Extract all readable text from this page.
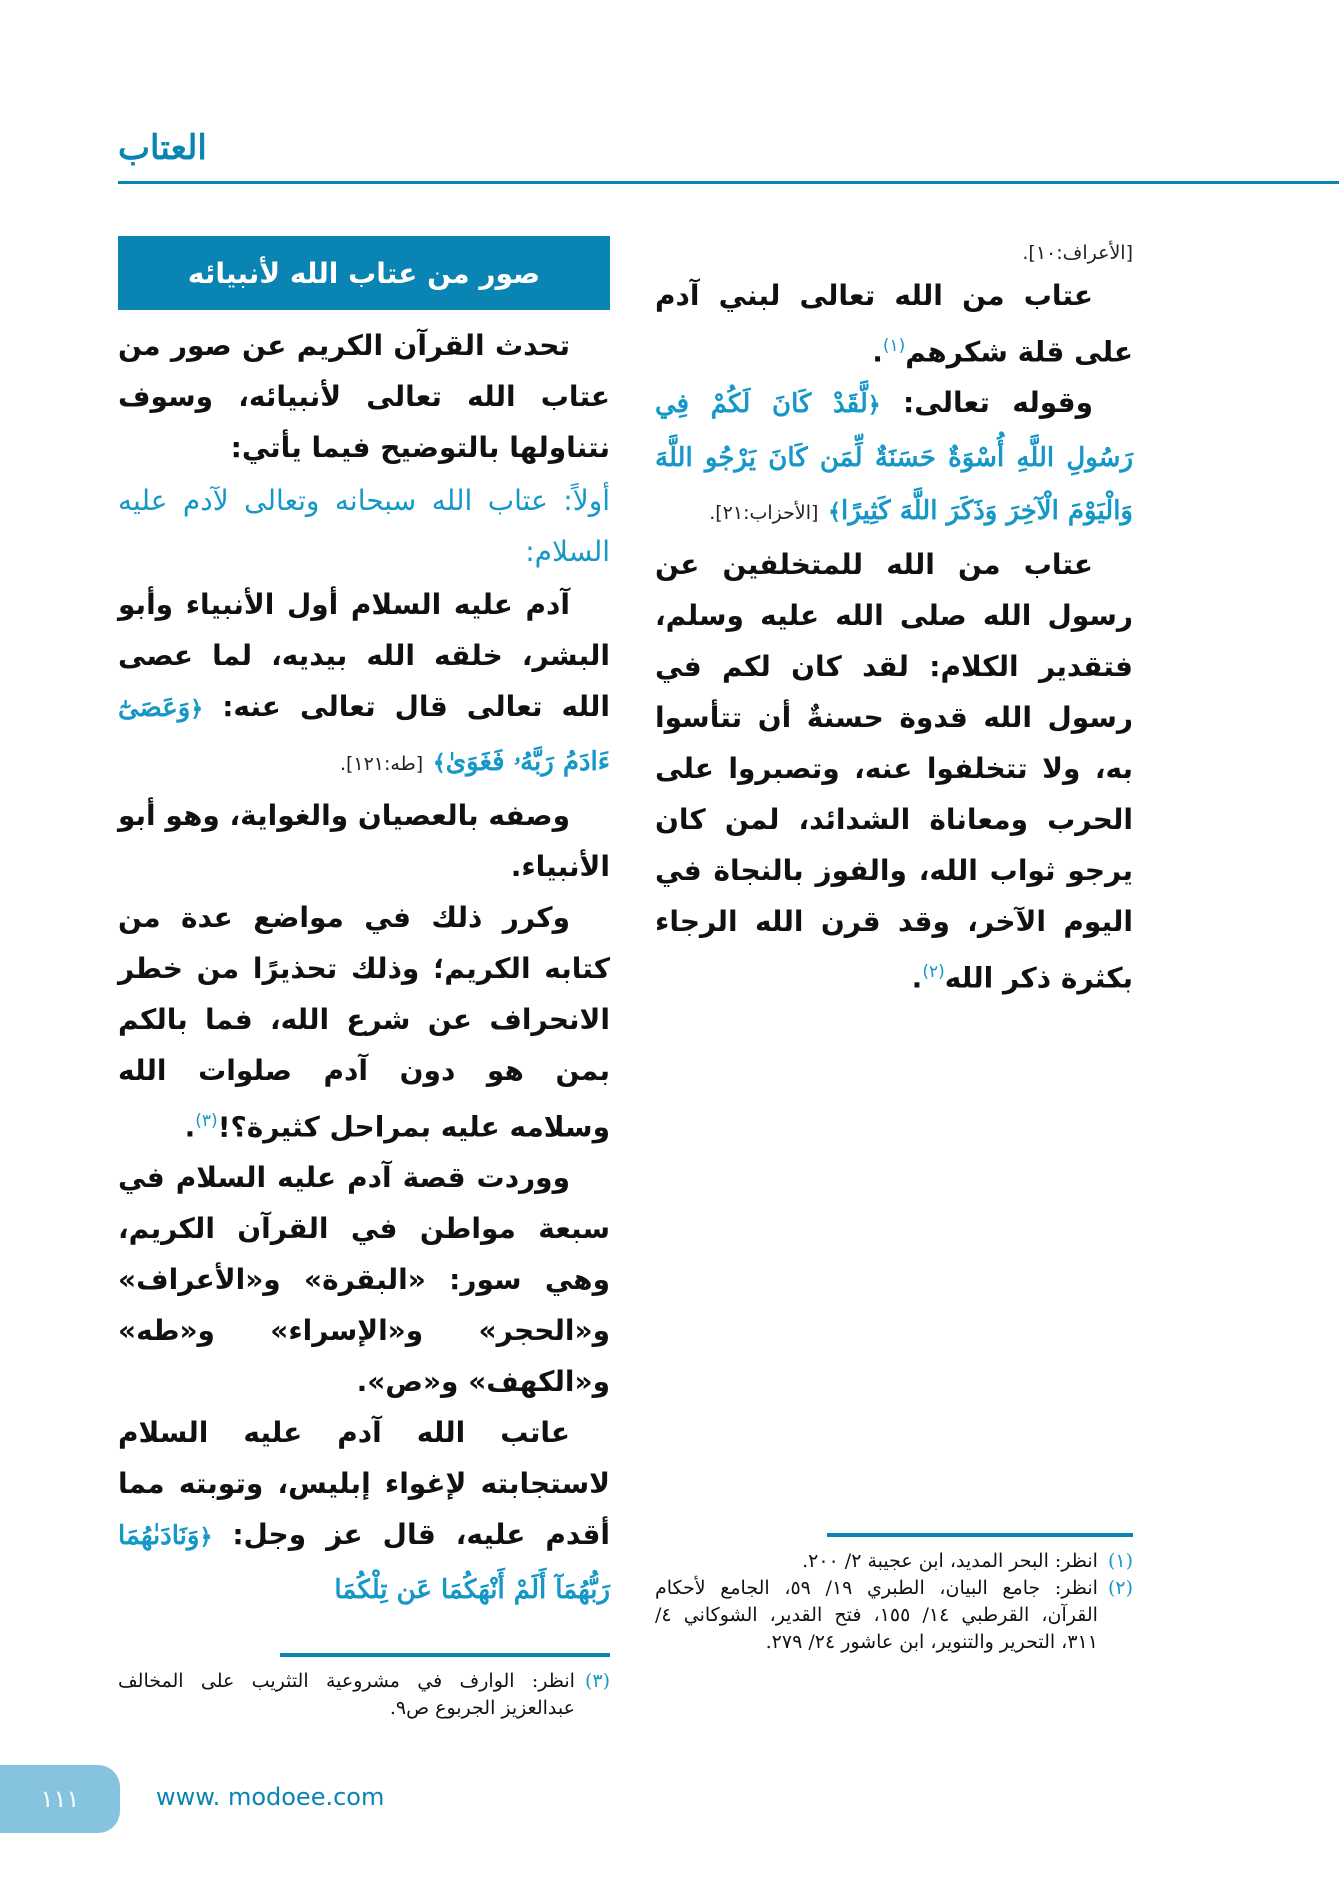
العتاب

[الأعراف:١٠].

عتاب من الله تعالى لبني آدم على قلة شكرهم$^{(١)}$.

وقوله تعالى: ﴿لَّقَدْ كَانَ لَكُمْ فِي رَسُولِ اللَّهِ أُسْوَةٌ حَسَنَةٌ لِّمَن كَانَ يَرْجُو اللَّهَ وَالْيَوْمَ الْآخِرَ وَذَكَرَ اللَّهَ كَثِيرًا﴾ [الأحزاب:٢١].

عتاب من الله للمتخلفين عن رسول الله صلى الله عليه وسلم، فتقدير الكلام: لقد كان لكم في رسول الله قدوة حسنةٌ أن تتأسوا به، ولا تتخلفوا عنه، وتصبروا على الحرب ومعاناة الشدائد، لمن كان يرجو ثواب الله، والفوز بالنجاة في اليوم الآخر، وقد قرن الله الرجاء بكثرة ذكر الله$^{(٢)}$.

صور من عتاب الله لأنبيائه

تحدث القرآن الكريم عن صور من عتاب الله تعالى لأنبيائه، وسوف نتناولها بالتوضيح فيما يأتي:

أولاً: عتاب الله سبحانه وتعالى لآدم عليه السلام:

آدم عليه السلام أول الأنبياء وأبو البشر، خلقه الله بيديه، لما عصى الله تعالى قال تعالى عنه: ﴿وَعَصَىٰٓ ءَادَمُ رَبَّهُۥ فَغَوَىٰ﴾ [طه:١٢١].

وصفه بالعصيان والغواية، وهو أبو الأنبياء.

وكرر ذلك في مواضع عدة من كتابه الكريم؛ وذلك تحذيرًا من خطر الانحراف عن شرع الله، فما بالكم بمن هو دون آدم صلوات الله وسلامه عليه بمراحل كثيرة؟!$^{(٣)}$.

ووردت قصة آدم عليه السلام في سبعة مواطن في القرآن الكريم، وهي سور: «البقرة» و«الأعراف» و«الحجر» و«الإسراء» و«طه» و«الكهف» و«ص».

عاتب الله آدم عليه السلام لاستجابته لإغواء إبليس، وتوبته مما أقدم عليه، قال عز وجل: ﴿وَنَادَىٰهُمَا رَبُّهُمَآ أَلَمْ أَنْهَكُمَا عَن تِلْكُمَا

(٣)
انظر: الوارف في مشروعية التثريب على المخالف عبدالعزيز الجربوع ص٩.
(١)
انظر: البحر المديد، ابن عجيبة ٢/ ٢٠٠.
(٢)
انظر: جامع البيان، الطبري ١٩/ ٥٩، الجامع لأحكام القرآن، القرطبي ١٤/ ١٥٥، فتح القدير، الشوكاني ٤/ ٣١١، التحرير والتنوير، ابن عاشور ٢٤/ ٢٧٩.
١١١	www. modoee.com
